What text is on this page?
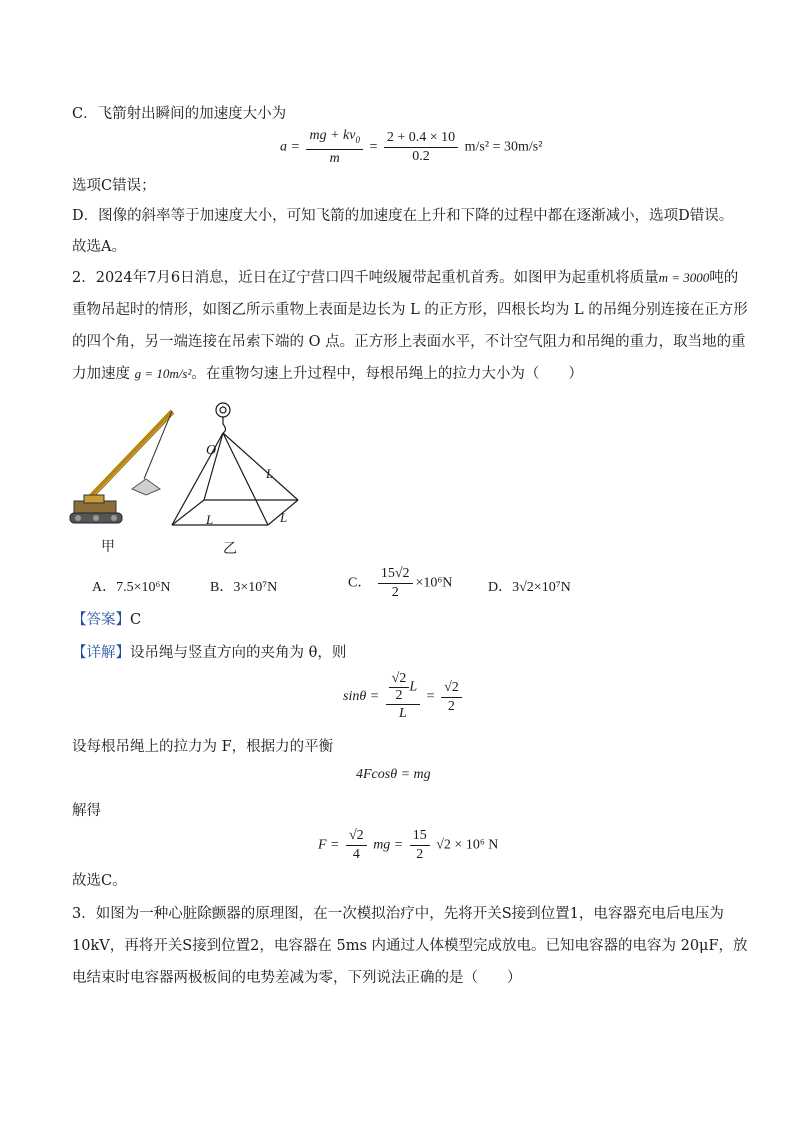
C．飞箭射出瞬间的加速度大小为
$a = \frac{mg + kv_0}{m} = \frac{2 + 0.4 \times 10}{0.2} m/s^2 = 30m/s^2$
选项C错误；
D．图像的斜率等于加速度大小，可知飞箭的加速度在上升和下降的过程中都在逐渐减小，选项D错误。
故选A。
2．2024年7月6日消息，近日在辽宁营口四千吨级履带起重机首秀。如图甲为起重机将质量m = 3000吨的
重物吊起时的情形，如图乙所示重物上表面是边长为 L 的正方形，四根长均为 L 的吊绳分别连接在正方形
的四个角，另一端连接在吊索下端的 O 点。正方形上表面水平，不计空气阻力和吊绳的重力，取当地的重
力加速度 g = 10m/s²。在重物匀速上升过程中，每根吊绳上的拉力大小为（　　）
甲
O
L
L
L
乙
A．7.5×10⁶N	B．3×10⁷N	C． $\frac{15√2}{2} \times 10^6N$	D．3√2×10⁷N
【答案】C
【详解】设吊绳与竖直方向的夹角为 θ，则
$\sin\theta = \frac{\frac{√2}{2} L}{L} = \frac{√2}{2}$
设每根吊绳上的拉力为 F，根据力的平衡
4Fcosθ = mg
解得
$F = \frac{√2}{4}$ mg = $\frac{15}{2} √2 \times 10^6$ N
故选C。
3．如图为一种心脏除颤器的原理图，在一次模拟治疗中，先将开关S接到位置1，电容器充电后电压为
10kV，再将开关S接到位置2，电容器在 5ms 内通过人体模型完成放电。已知电容器的电容为 20μF，放
电结束时电容器两极板间的电势差减为零，下列说法正确的是（　　）
